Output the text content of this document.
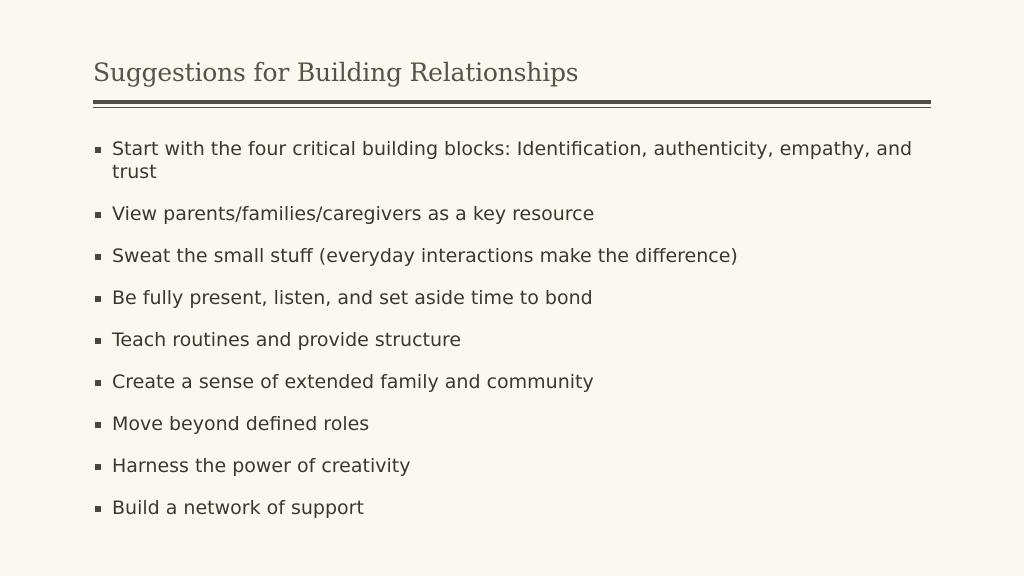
Suggestions for Building Relationships
Start with the four critical building blocks: Identification, authenticity, empathy, and trust
View parents/families/caregivers as a key resource
Sweat the small stuff (everyday interactions make the difference)
Be fully present, listen, and set aside time to bond
Teach routines and provide structure
Create a sense of extended family and community
Move beyond defined roles
Harness the power of creativity
Build a network of support
